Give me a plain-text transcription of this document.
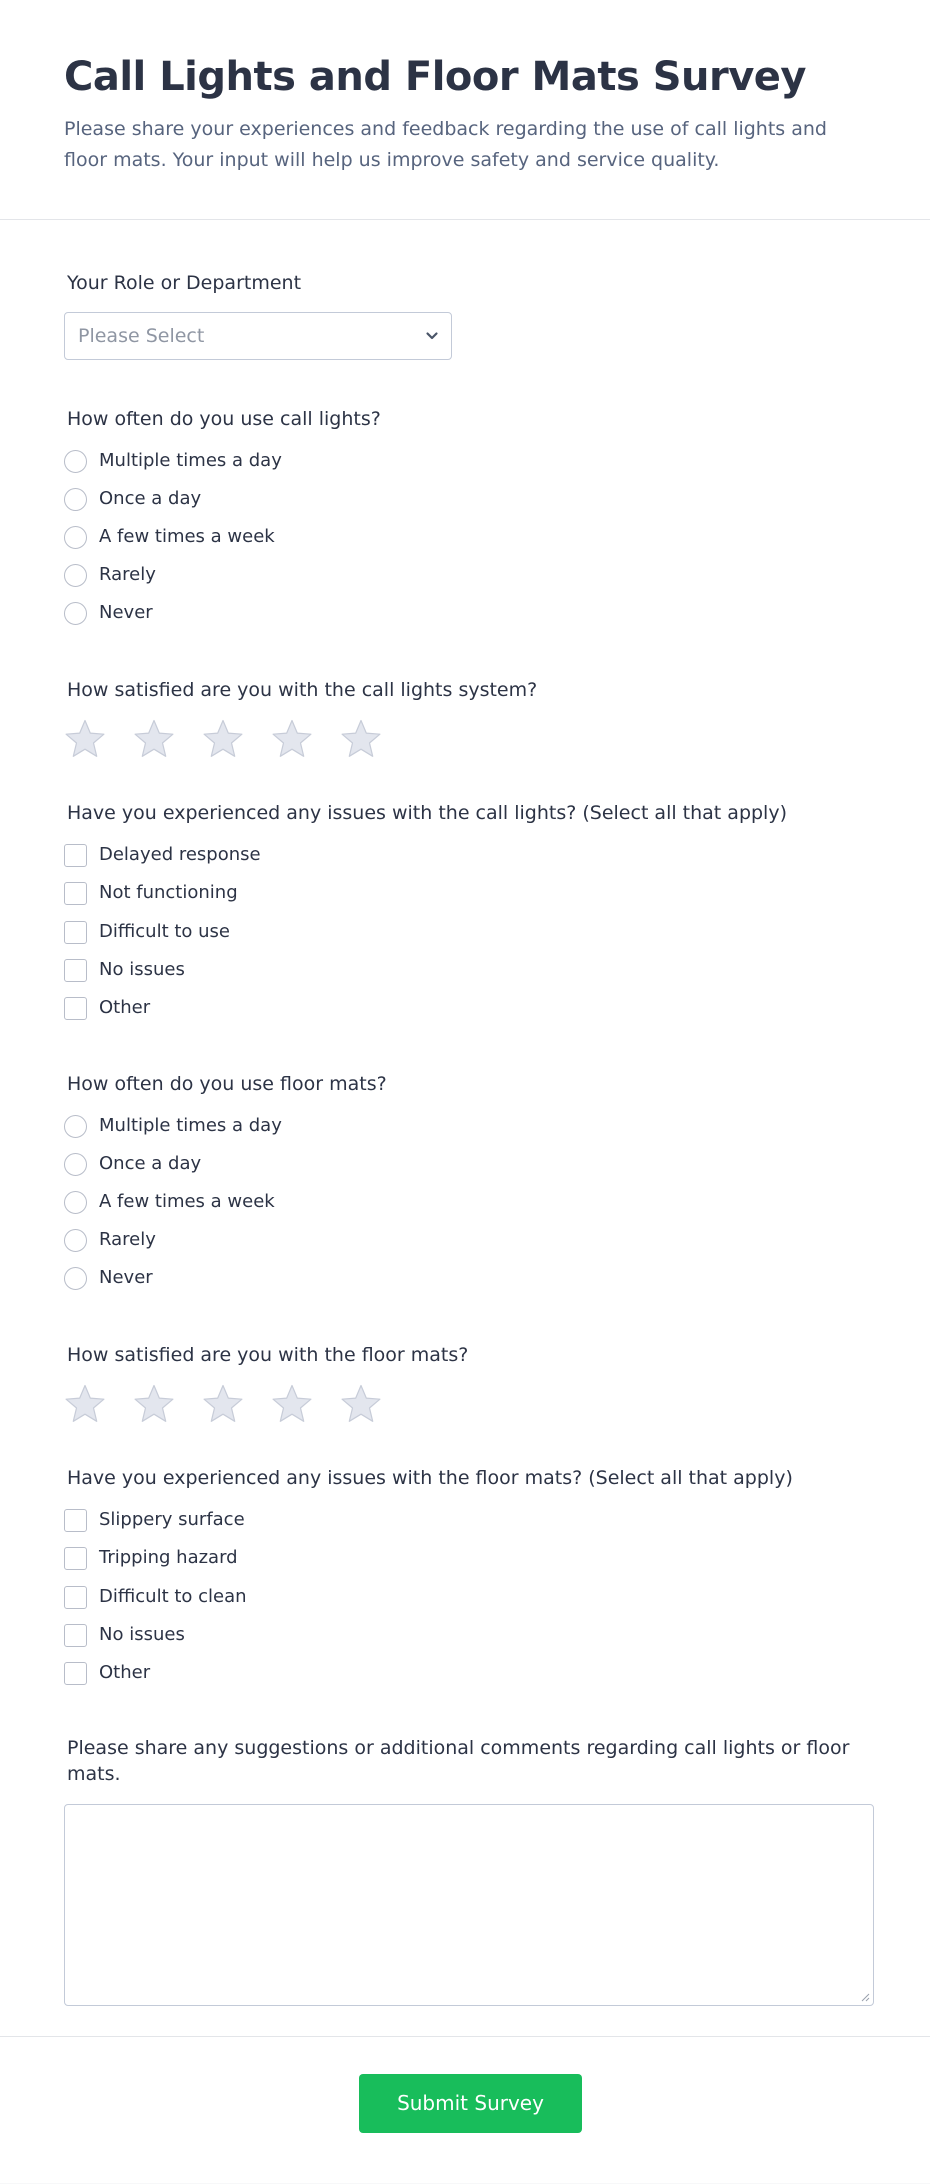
Call Lights and Floor Mats Survey

Please share your experiences and feedback regarding the use of call lights and floor mats. Your input will help us improve safety and service quality.

Your Role or Department
Please Select
How often do you use call lights?
Multiple times a day
Once a day
A few times a week
Rarely
Never
How satisfied are you with the call lights system?
Have you experienced any issues with the call lights? (Select all that apply)
Delayed response
Not functioning
Difficult to use
No issues
Other
How often do you use floor mats?
Multiple times a day
Once a day
A few times a week
Rarely
Never
How satisfied are you with the floor mats?
Have you experienced any issues with the floor mats? (Select all that apply)
Slippery surface
Tripping hazard
Difficult to clean
No issues
Other
Please share any suggestions or additional comments regarding call lights or floor mats.
Submit Survey
